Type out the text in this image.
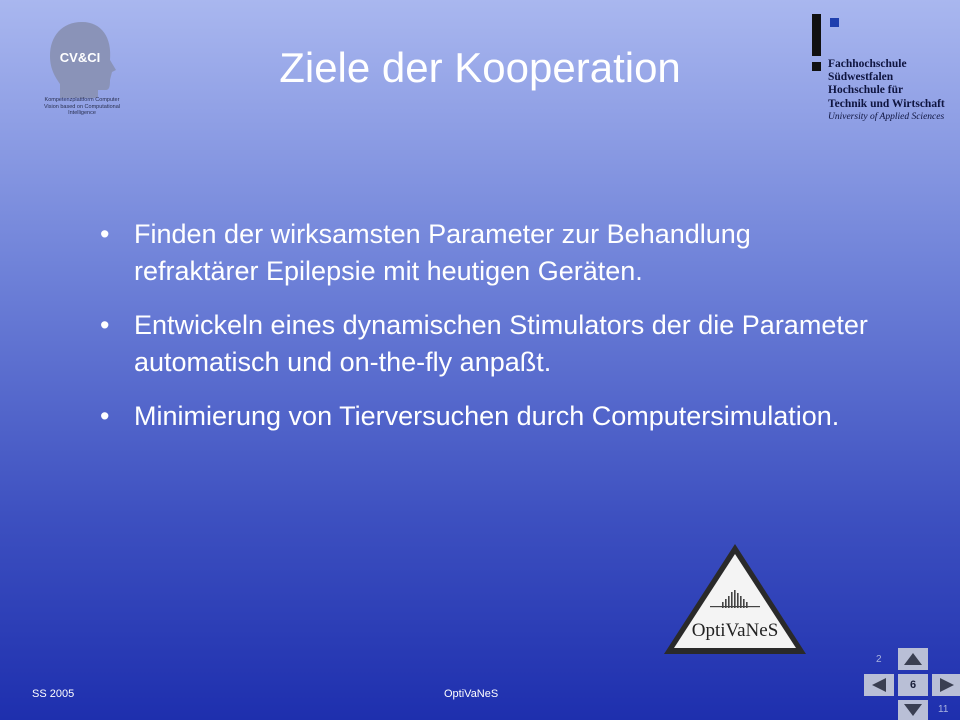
CV&CI
Kompetenzplattform Computer Vision based on Computational Intelligence
Ziele der Kooperation	Fachhochschule
Südwestfalen
Hochschule für
Technik und Wirtschaft
University of Applied Sciences
• Finden der wirksamsten Parameter zur Behandlung refraktärer Epilepsie mit heutigen Geräten.
• Entwickeln eines dynamischen Stimulators der die Parameter automatisch und on-the-fly anpaßt.
• Minimierung von Tierversuchen durch Computersimulation.
OptiVaNeS
SS 2005	OptiVaNeS
2
6
11
